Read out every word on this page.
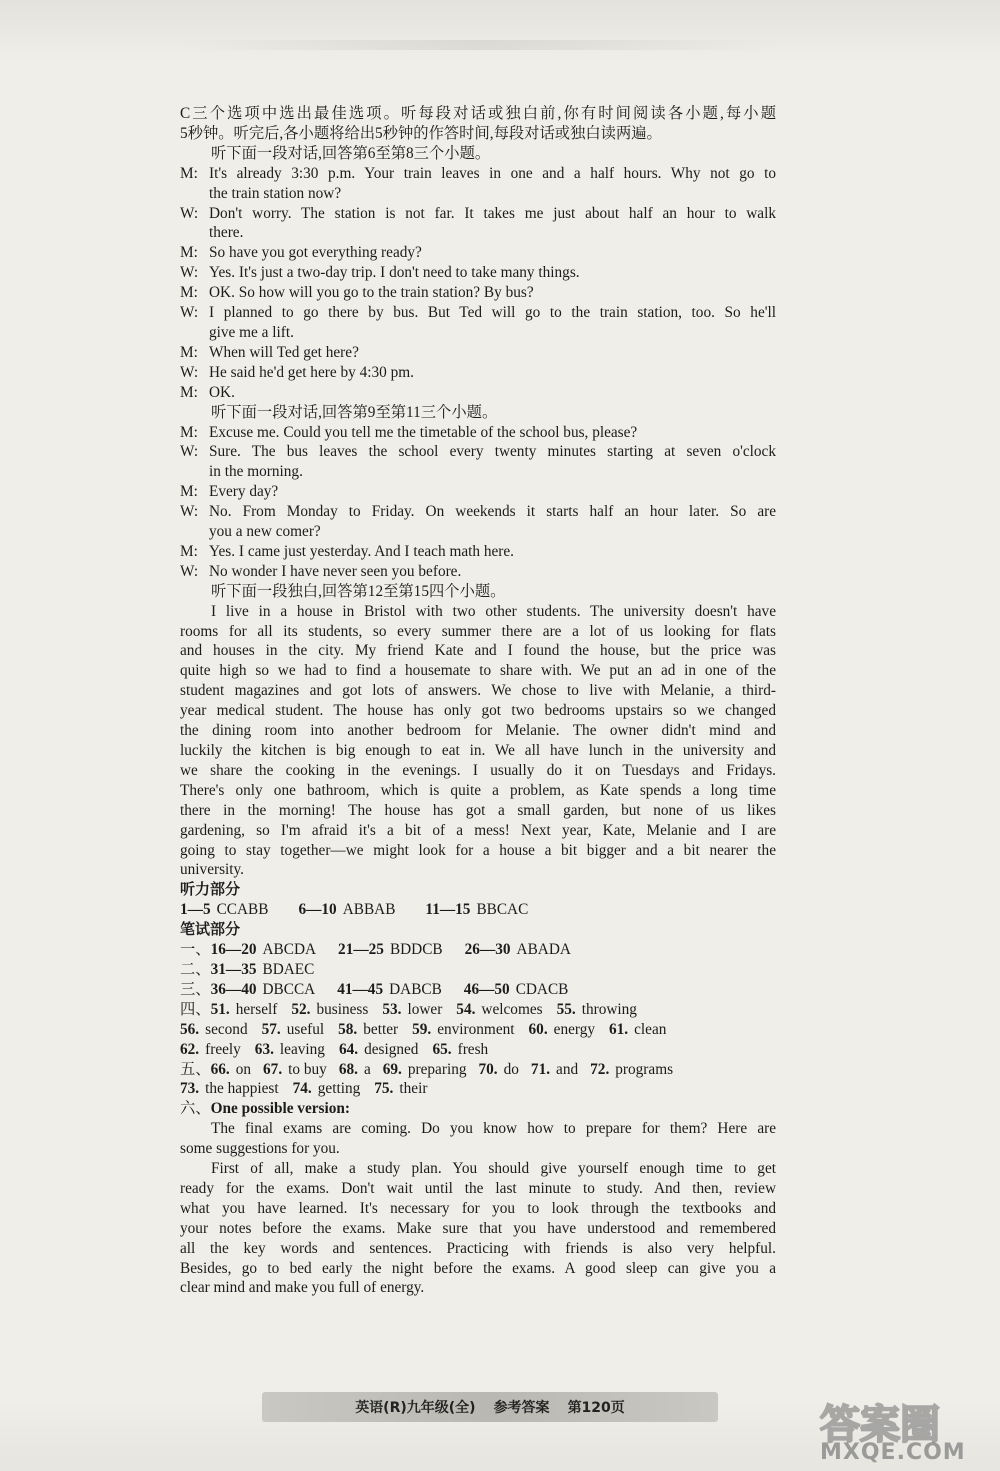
C三个选项中选出最佳选项。听每段对话或独白前,你有时间阅读各小题,每小题
5秒钟。听完后,各小题将给出5秒钟的作答时间,每段对话或独白读两遍。
听下面一段对话,回答第6至第8三个小题。
M: It's already 3:30 p.m. Your train leaves in one and a half hours. Why not go to
the train station now?
W: Don't worry. The station is not far. It takes me just about half an hour to walk
there.
M: So have you got everything ready?
W: Yes. It's just a two-day trip. I don't need to take many things.
M: OK. So how will you go to the train station? By bus?
W: I planned to go there by bus. But Ted will go to the train station, too. So he'll
give me a lift.
M: When will Ted get here?
W: He said he'd get here by 4:30 pm.
M: OK.
听下面一段对话,回答第9至第11三个小题。
M: Excuse me. Could you tell me the timetable of the school bus, please?
W: Sure. The bus leaves the school every twenty minutes starting at seven o'clock
in the morning.
M: Every day?
W: No. From Monday to Friday. On weekends it starts half an hour later. So are
you a new comer?
M: Yes. I came just yesterday. And I teach math here.
W: No wonder I have never seen you before.
听下面一段独白,回答第12至第15四个小题。
I live in a house in Bristol with two other students. The university doesn't have
rooms for all its students, so every summer there are a lot of us looking for flats
and houses in the city. My friend Kate and I found the house, but the price was
quite high so we had to find a housemate to share with. We put an ad in one of the
student magazines and got lots of answers. We chose to live with Melanie, a third-
year medical student. The house has only got two bedrooms upstairs so we changed
the dining room into another bedroom for Melanie. The owner didn't mind and
luckily the kitchen is big enough to eat in. We all have lunch in the university and
we share the cooking in the evenings. I usually do it on Tuesdays and Fridays.
There's only one bathroom, which is quite a problem, as Kate spends a long time
there in the morning! The house has got a small garden, but none of us likes
gardening, so I'm afraid it's a bit of a mess! Next year, Kate, Melanie and I are
going to stay together—we might look for a house a bit bigger and a bit nearer the
university.
听力部分
1—5 CCABB 6—10 ABBAB 11—15 BBCAC
笔试部分
一、 16—20 ABCDA 21—25 BDDCB 26—30 ABADA
二、 31—35 BDAEC
三、 36—40 DBCCA 41—45 DABCB 46—50 CDACB
四、 51. herself 52. business 53. lower 54. welcomes 55. throwing
56. second 57. useful 58. better 59. environment 60. energy 61. clean
62. freely 63. leaving 64. designed 65. fresh
五、 66. on 67. to buy 68. a 69. preparing 70. do 71. and 72. programs
73. the happiest 74. getting 75. their
六、One possible version:
The final exams are coming. Do you know how to prepare for them? Here are
some suggestions for you.
First of all, make a study plan. You should give yourself enough time to get
ready for the exams. Don't wait until the last minute to study. And then, review
what you have learned. It's necessary for you to look through the textbooks and
your notes before the exams. Make sure that you have understood and remembered
all the key words and sentences. Practicing with friends is also very helpful.
Besides, go to bed early the night before the exams. A good sleep can give you a
clear mind and make you full of energy.
英语(R)九年级(全) 参考答案 第120页	答案圈
MXQE.COM
